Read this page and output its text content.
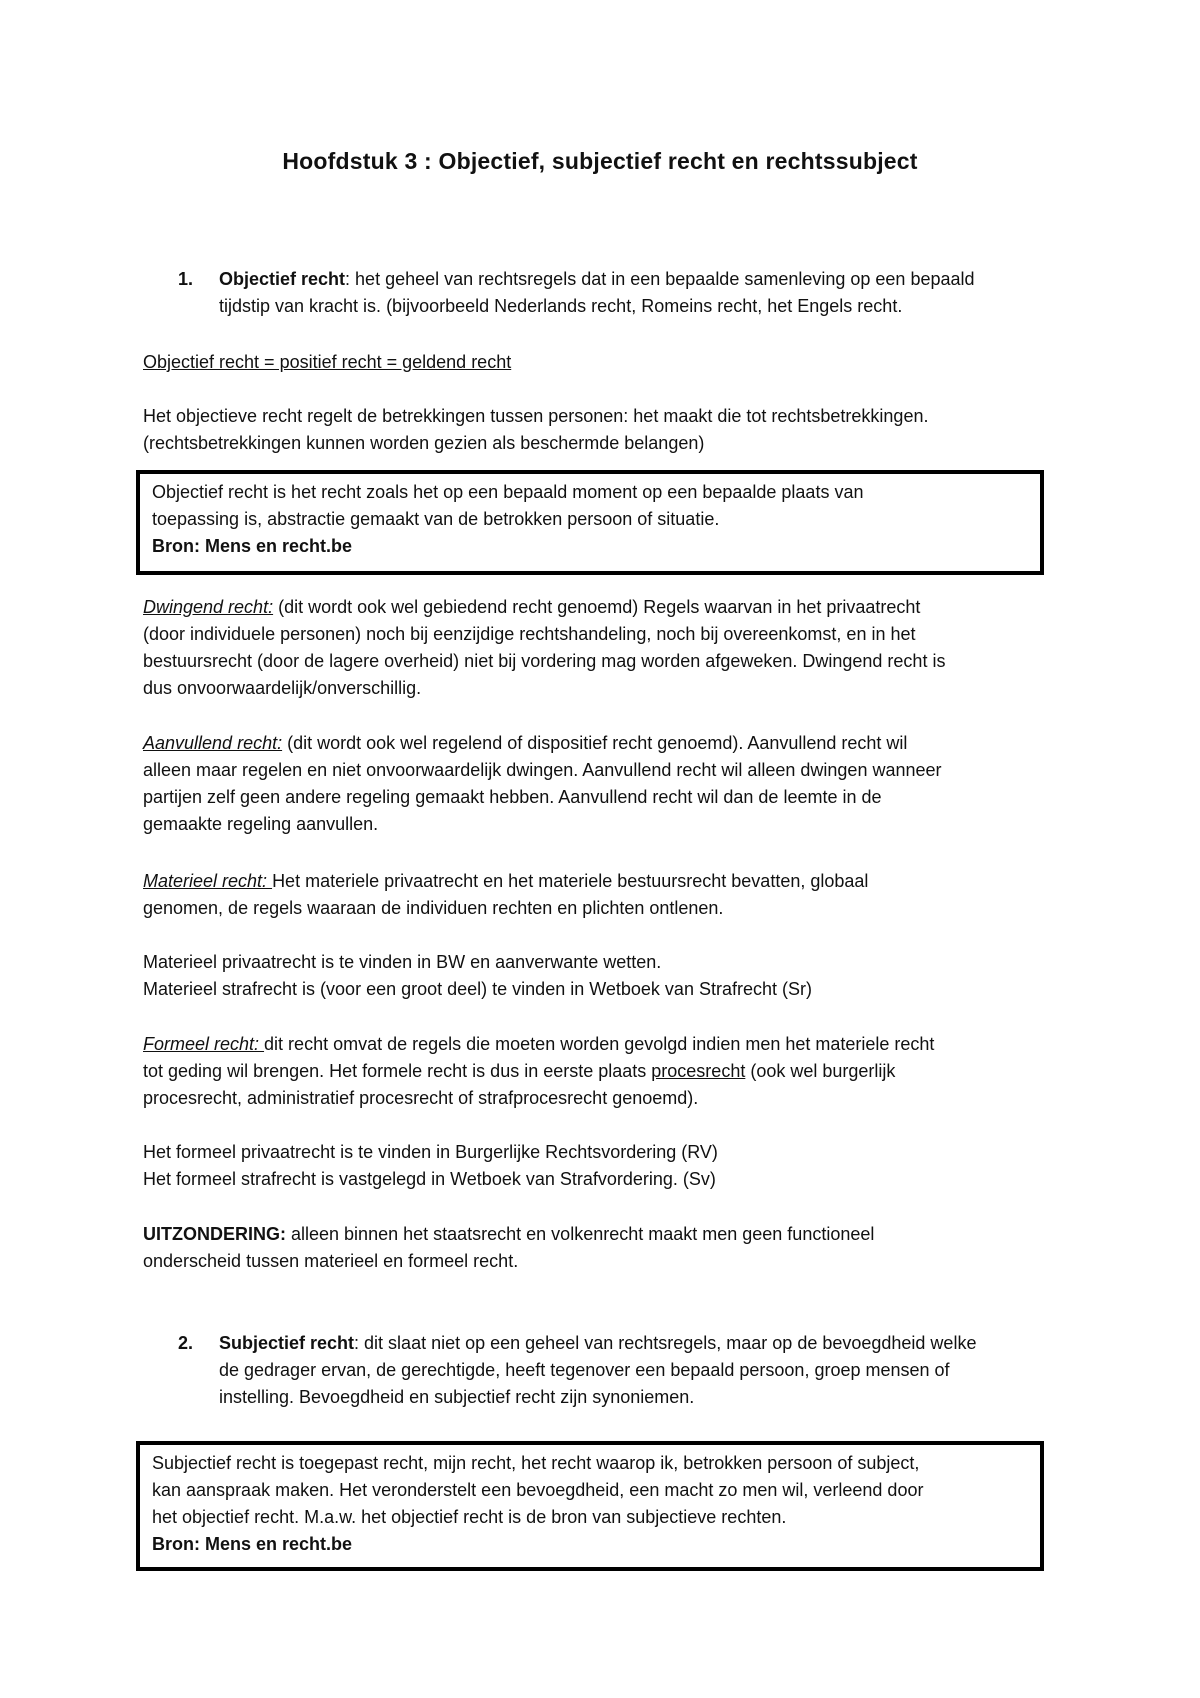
Hoofdstuk 3 : Objectief, subjectief recht en rechtssubject
1.	Objectief recht: het geheel van rechtsregels dat in een bepaalde samenleving op een bepaald
tijdstip van kracht is. (bijvoorbeeld Nederlands recht, Romeins recht, het Engels recht.
Objectief recht = positief recht = geldend recht
Het objectieve recht regelt de betrekkingen tussen personen: het maakt die tot rechtsbetrekkingen.
(rechtsbetrekkingen kunnen worden gezien als beschermde belangen)
Objectief recht is het recht zoals het op een bepaald moment op een bepaalde plaats van
toepassing is, abstractie gemaakt van de betrokken persoon of situatie.
Bron: Mens en recht.be
Dwingend recht: (dit wordt ook wel gebiedend recht genoemd) Regels waarvan in het privaatrecht
(door individuele personen) noch bij eenzijdige rechtshandeling, noch bij overeenkomst, en in het
bestuursrecht (door de lagere overheid) niet bij vordering mag worden afgeweken. Dwingend recht is
dus onvoorwaardelijk/onverschillig.
Aanvullend recht: (dit wordt ook wel regelend of dispositief recht genoemd). Aanvullend recht wil
alleen maar regelen en niet onvoorwaardelijk dwingen. Aanvullend recht wil alleen dwingen wanneer
partijen zelf geen andere regeling gemaakt hebben. Aanvullend recht wil dan de leemte in de
gemaakte regeling aanvullen.
Materieel recht: Het materiele privaatrecht en het materiele bestuursrecht bevatten, globaal
genomen, de regels waaraan de individuen rechten en plichten ontlenen.
Materieel privaatrecht is te vinden in BW en aanverwante wetten.
Materieel strafrecht is (voor een groot deel) te vinden in Wetboek van Strafrecht (Sr)
Formeel recht: dit recht omvat de regels die moeten worden gevolgd indien men het materiele recht
tot geding wil brengen. Het formele recht is dus in eerste plaats procesrecht (ook wel burgerlijk
procesrecht, administratief procesrecht of strafprocesrecht genoemd).
Het formeel privaatrecht is te vinden in Burgerlijke Rechtsvordering (RV)
Het formeel strafrecht is vastgelegd in Wetboek van Strafvordering. (Sv)
UITZONDERING: alleen binnen het staatsrecht en volkenrecht maakt men geen functioneel
onderscheid tussen materieel en formeel recht.
2.	Subjectief recht: dit slaat niet op een geheel van rechtsregels, maar op de bevoegdheid welke
de gedrager ervan, de gerechtigde, heeft tegenover een bepaald persoon, groep mensen of
instelling. Bevoegdheid en subjectief recht zijn synoniemen.
Subjectief recht is toegepast recht, mijn recht, het recht waarop ik, betrokken persoon of subject,
kan aanspraak maken. Het veronderstelt een bevoegdheid, een macht zo men wil, verleend door
het objectief recht. M.a.w. het objectief recht is de bron van subjectieve rechten.
Bron: Mens en recht.be
